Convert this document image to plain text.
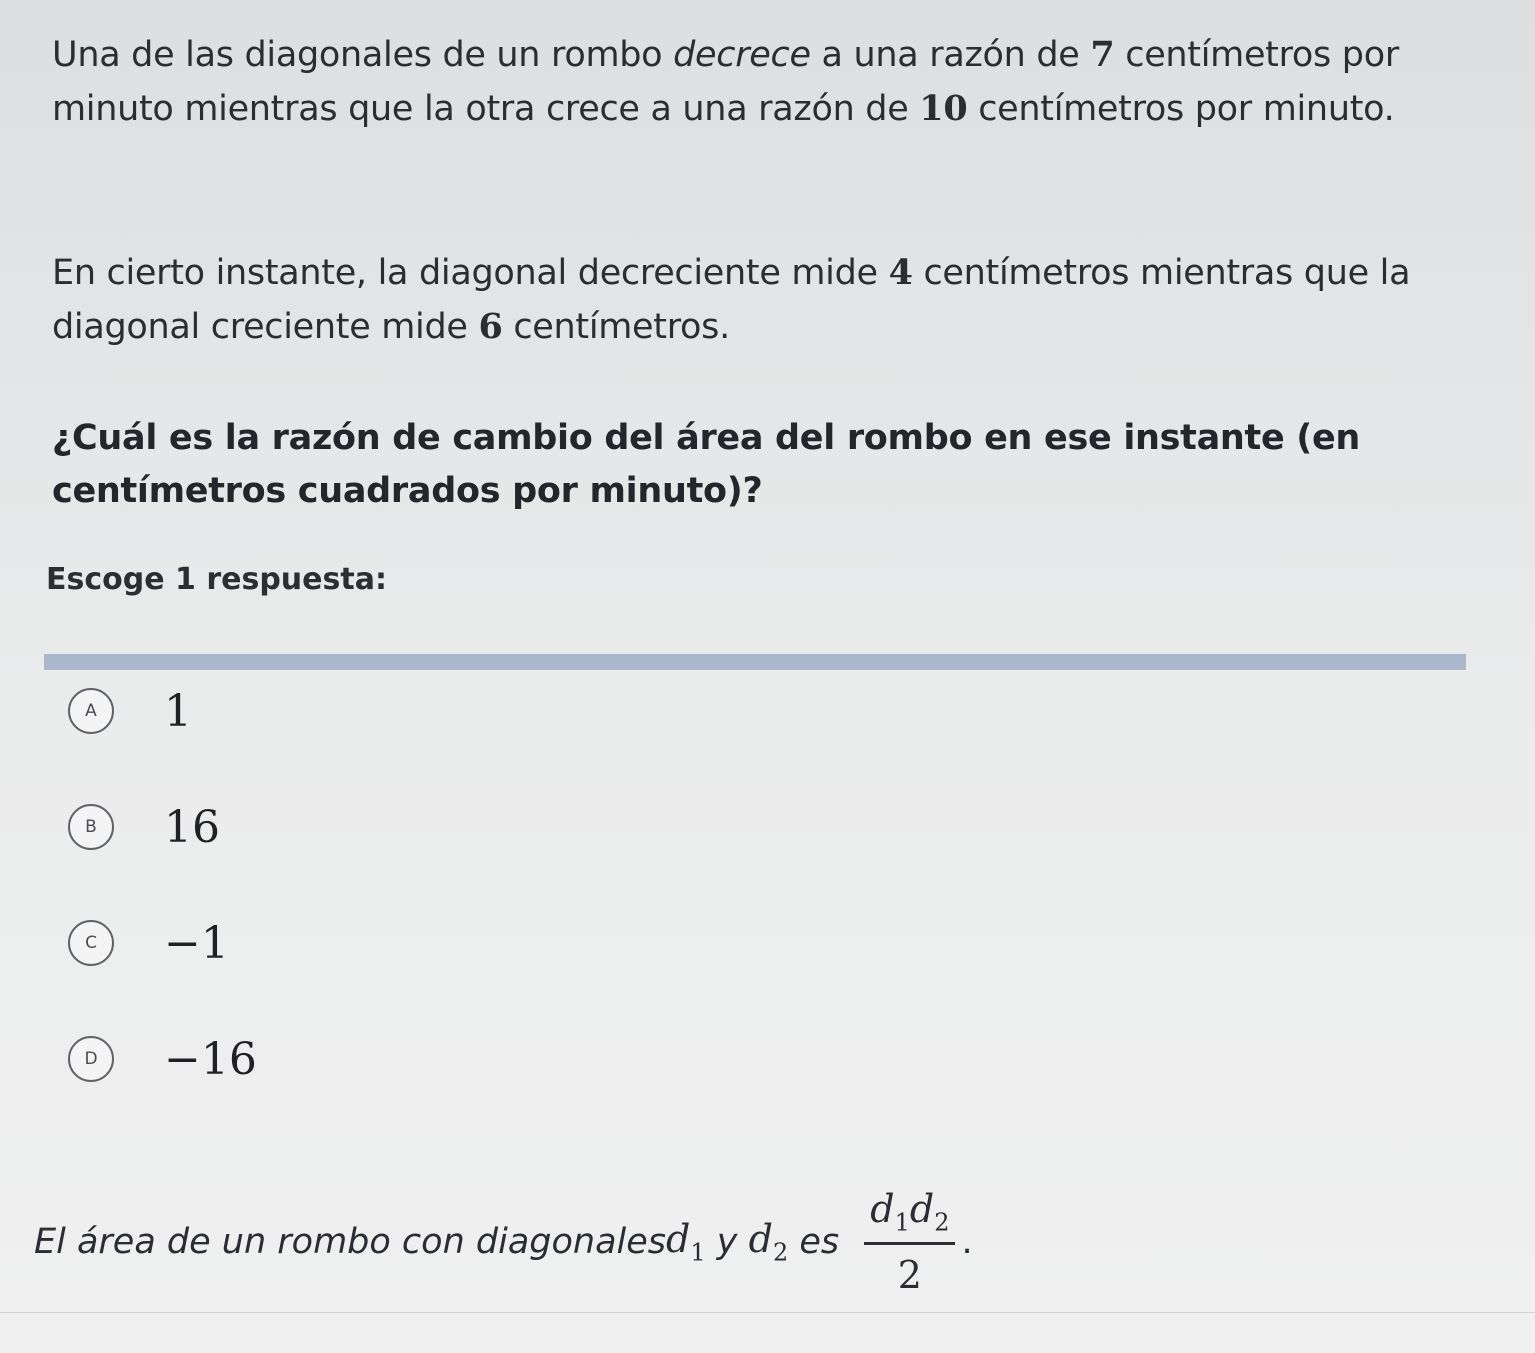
Una de las diagonales de un rombo decrece a una razón de 7 centímetros por minuto mientras que la otra crece a una razón de 10 centímetros por minuto.
En cierto instante, la diagonal decreciente mide 4 centímetros mientras que la diagonal creciente mide 6 centímetros.
¿Cuál es la razón de cambio del área del rombo en ese instante (en centímetros cuadrados por minuto)?
Escoge 1 respuesta:
A	1
B	16
C	−1
D	−16
El área de un rombo con diagonales $d_1$ y $d_2$ es $\frac{d_1d_2}{2}$ .
